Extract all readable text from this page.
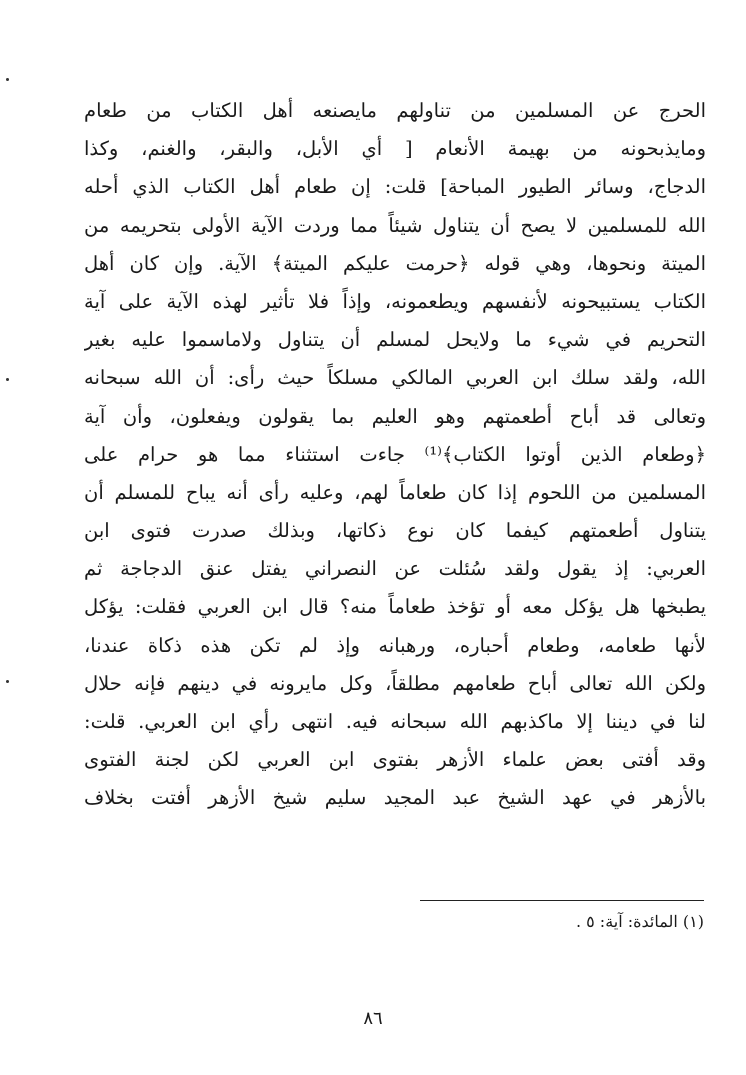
الحرج عن المسلمين من تناولهم مايصنعه أهل الكتاب من طعام
ومايذبحونه من بهيمة الأنعام [ أي الأبل، والبقر، والغنم، وكذا
الدجاج، وسائر الطيور المباحة] قلت: إن طعام أهل الكتاب الذي أحله
الله للمسلمين لا يصح أن يتناول شيئاً مما وردت الآية الأولى بتحريمه من
الميتة ونحوها، وهي قوله ﴿حرمت عليكم الميتة﴾ الآية. وإن كان أهل
الكتاب يستبيحونه لأنفسهم ويطعمونه، وإذاً فلا تأثير لهذه الآية على آية
التحريم في شيء ما ولايحل لمسلم أن يتناول ولاماسموا عليه بغير
الله، ولقد سلك ابن العربي المالكي مسلكاً حيث رأى: أن الله سبحانه
وتعالى قد أباح أطعمتهم وهو العليم بما يقولون ويفعلون، وأن آية
﴿وطعام الذين أوتوا الكتاب﴾⁽¹⁾ جاءت استثناء مما هو حرام على
المسلمين من اللحوم إذا كان طعاماً لهم، وعليه رأى أنه يباح للمسلم أن
يتناول أطعمتهم كيفما كان نوع ذكاتها، وبذلك صدرت فتوى ابن
العربي: إذ يقول ولقد سُئلت عن النصراني يفتل عنق الدجاجة ثم
يطبخها هل يؤكل معه أو تؤخذ طعاماً منه؟ قال ابن العربي فقلت: يؤكل
لأنها طعامه، وطعام أحباره، ورهبانه وإذ لم تكن هذه ذكاة عندنا،
ولكن الله تعالى أباح طعامهم مطلقاً، وكل مايرونه في دينهم فإنه حلال
لنا في ديننا إلا ماكذبهم الله سبحانه فيه. انتهى رأي ابن العربي. قلت:
وقد أفتى بعض علماء الأزهر بفتوى ابن العربي لكن لجنة الفتوى
بالأزهر في عهد الشيخ عبد المجيد سليم شيخ الأزهر أفتت بخلاف
(١) المائدة: آية: ٥ .
٨٦
